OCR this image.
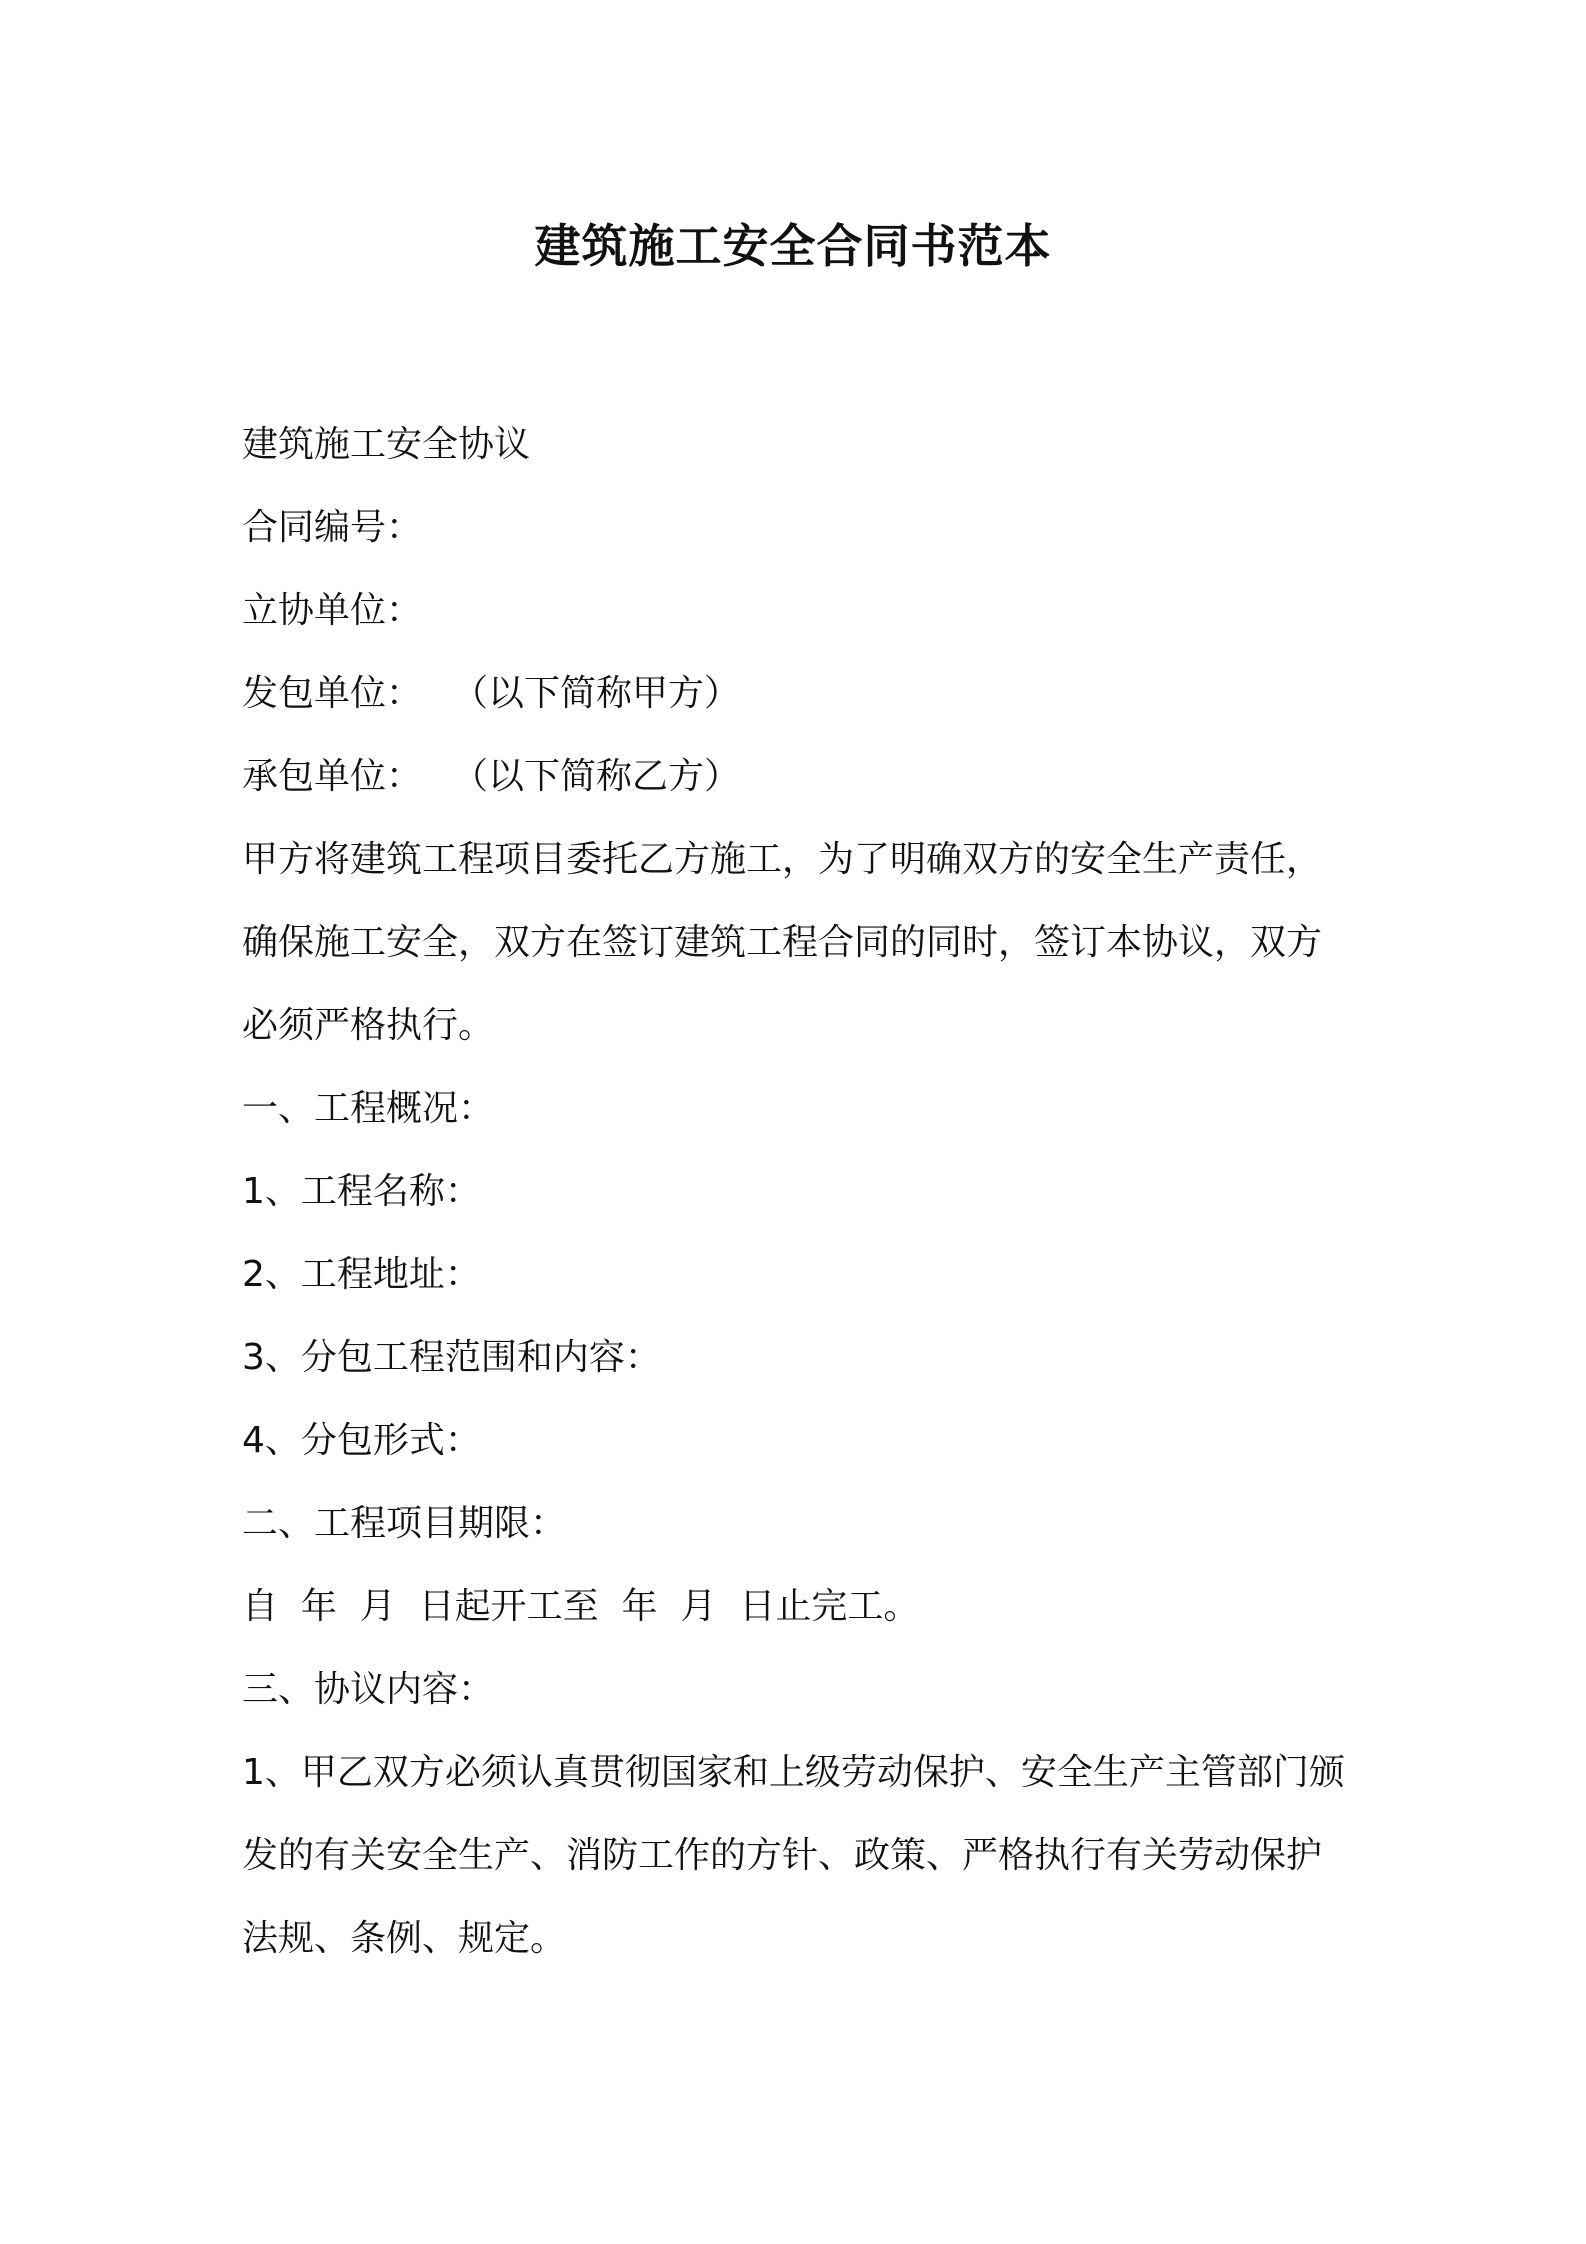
建筑施工安全合同书范本

建筑施工安全协议

合同编号：

立协单位：

发包单位： （以下简称甲方）

承包单位： （以下简称乙方）

甲方将建筑工程项目委托乙方施工，为了明确双方的安全生产责任，确保施工安全，双方在签订建筑工程合同的同时，签订本协议，双方必须严格执行。

一、工程概况：

1、工程名称：

2、工程地址：

3、分包工程范围和内容：

4、分包形式：

二、工程项目期限：

自  年  月  日起开工至  年  月  日止完工。

三、协议内容：

1、甲乙双方必须认真贯彻国家和上级劳动保护、安全生产主管部门颁发的有关安全生产、消防工作的方针、政策、严格执行有关劳动保护法规、条例、规定。
